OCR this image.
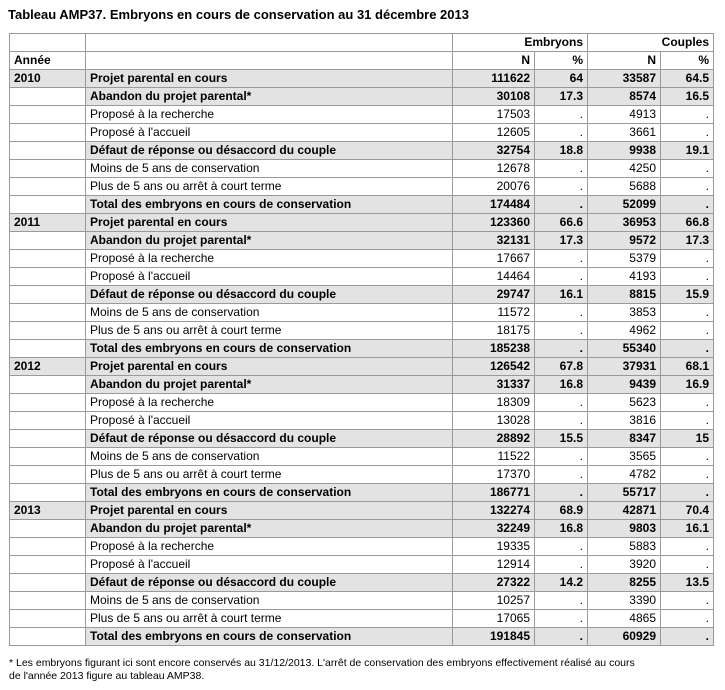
Tableau AMP37. Embryons en cours de conservation au 31 décembre 2013
		Embryons		Couples	
Année		N	%	N	%
2010	Projet parental en cours	111622	64	33587	64.5
	Abandon du projet parental*	30108	17.3	8574	16.5
	Proposé à la recherche	17503	.	4913	.
	Proposé à l'accueil	12605	.	3661	.
	Défaut de réponse ou désaccord du couple	32754	18.8	9938	19.1
	Moins de 5 ans de conservation	12678	.	4250	.
	Plus de 5 ans ou arrêt à court terme	20076	.	5688	.
	Total des embryons en cours de conservation	174484	.	52099	.
2011	Projet parental en cours	123360	66.6	36953	66.8
	Abandon du projet parental*	32131	17.3	9572	17.3
	Proposé à la recherche	17667	.	5379	.
	Proposé à l'accueil	14464	.	4193	.
	Défaut de réponse ou désaccord du couple	29747	16.1	8815	15.9
	Moins de 5 ans de conservation	11572	.	3853	.
	Plus de 5 ans ou arrêt à court terme	18175	.	4962	.
	Total des embryons en cours de conservation	185238	.	55340	.
2012	Projet parental en cours	126542	67.8	37931	68.1
	Abandon du projet parental*	31337	16.8	9439	16.9
	Proposé à la recherche	18309	.	5623	.
	Proposé à l'accueil	13028	.	3816	.
	Défaut de réponse ou désaccord du couple	28892	15.5	8347	15
	Moins de 5 ans de conservation	11522	.	3565	.
	Plus de 5 ans ou arrêt à court terme	17370	.	4782	.
	Total des embryons en cours de conservation	186771	.	55717	.
2013	Projet parental en cours	132274	68.9	42871	70.4
	Abandon du projet parental*	32249	16.8	9803	16.1
	Proposé à la recherche	19335	.	5883	.
	Proposé à l'accueil	12914	.	3920	.
	Défaut de réponse ou désaccord du couple	27322	14.2	8255	13.5
	Moins de 5 ans de conservation	10257	.	3390	.
	Plus de 5 ans ou arrêt à court terme	17065	.	4865	.
	Total des embryons en cours de conservation	191845	.	60929	.
* Les embryons figurant ici sont encore conservés au 31/12/2013. L'arrêt de conservation des embryons effectivement réalisé au cours
de l'année 2013 figure au tableau AMP38.
